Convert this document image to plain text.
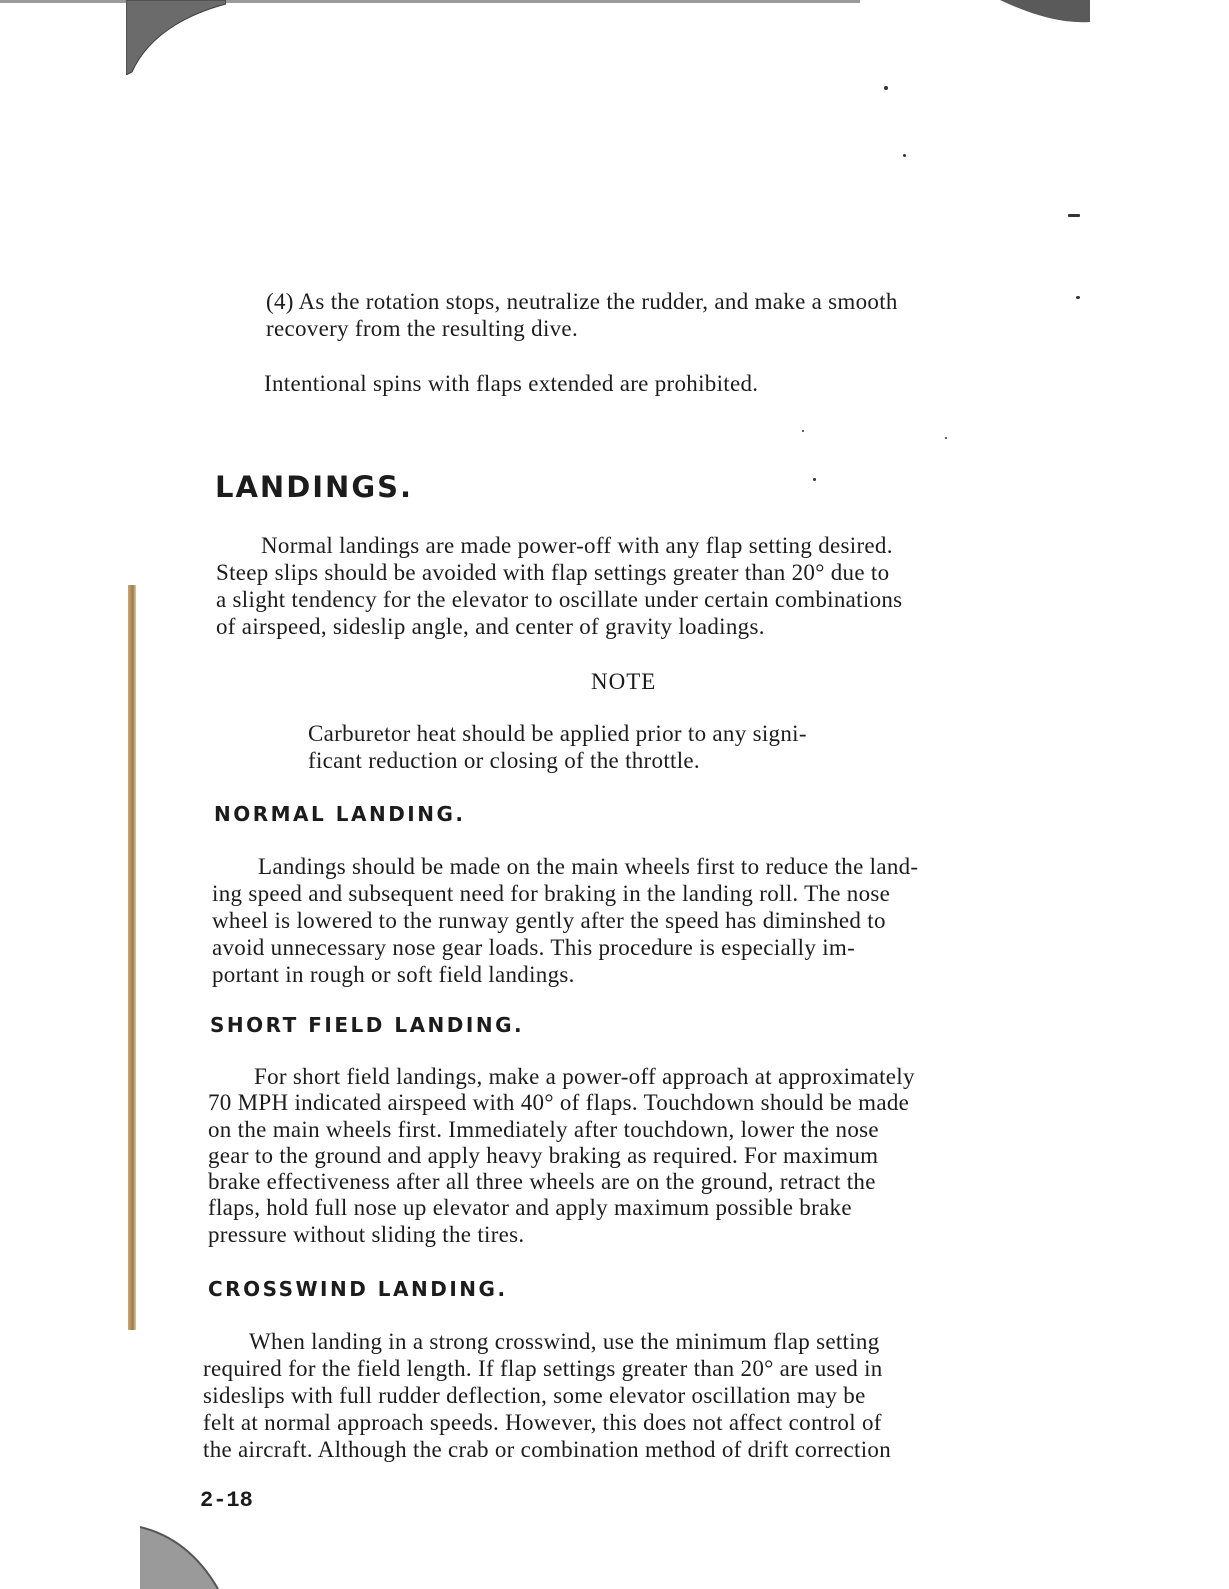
(4) As the rotation stops, neutralize the rudder, and make a smooth
recovery from the resulting dive.

Intentional spins with flaps extended are prohibited.

LANDINGS.

Normal landings are made power-off with any flap setting desired.
Steep slips should be avoided with flap settings greater than 20° due to
a slight tendency for the elevator to oscillate under certain combinations
of airspeed, sideslip angle, and center of gravity loadings.

NOTE

Carburetor heat should be applied prior to any signi-
ficant reduction or closing of the throttle.

NORMAL LANDING.

Landings should be made on the main wheels first to reduce the land-
ing speed and subsequent need for braking in the landing roll. The nose
wheel is lowered to the runway gently after the speed has diminshed to
avoid unnecessary nose gear loads. This procedure is especially im-
portant in rough or soft field landings.

SHORT FIELD LANDING.

For short field landings, make a power-off approach at approximately
70 MPH indicated airspeed with 40° of flaps. Touchdown should be made
on the main wheels first. Immediately after touchdown, lower the nose
gear to the ground and apply heavy braking as required. For maximum
brake effectiveness after all three wheels are on the ground, retract the
flaps, hold full nose up elevator and apply maximum possible brake
pressure without sliding the tires.

CROSSWIND LANDING.

When landing in a strong crosswind, use the minimum flap setting
required for the field length. If flap settings greater than 20° are used in
sideslips with full rudder deflection, some elevator oscillation may be
felt at normal approach speeds. However, this does not affect control of
the aircraft. Although the crab or combination method of drift correction

2-18
